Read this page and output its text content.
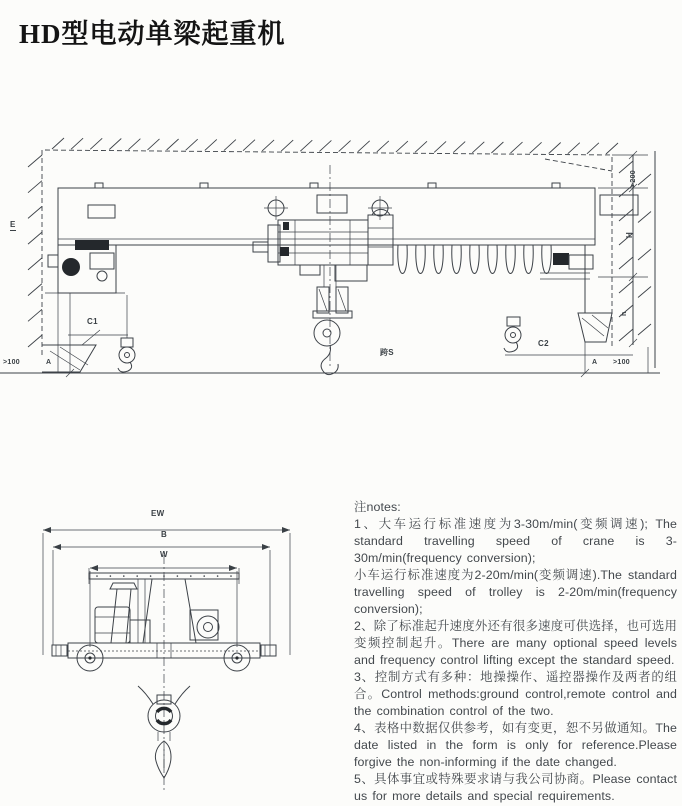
HD型电动单梁起重机
E
>100	A
C1
跨S
C2
A >100
>200
H
h
EW
B
W

注notes:

1、大车运行标准速度为3-30m/min(变频调速); The standard travelling speed of crane is 3-30m/min(frequency conversion);

小车运行标准速度为2-20m/min(变频调速).The standard travelling speed of trolley is 2-20m/min(frequency conversion);

2、除了标准起升速度外还有很多速度可供选择，也可选用变频控制起升。There are many optional speed levels and frequency control lifting except the standard speed.

3、控制方式有多种：地操操作、遥控器操作及两者的组合。Control methods:ground control,remote control and the combination control of the two.

4、表格中数据仅供参考，如有变更，恕不另做通知。The date listed in the form is only for reference.Please forgive the non-informing if the date changed.

5、具体事宜或特殊要求请与我公司协商。Please contact us for more details and special requirements.
